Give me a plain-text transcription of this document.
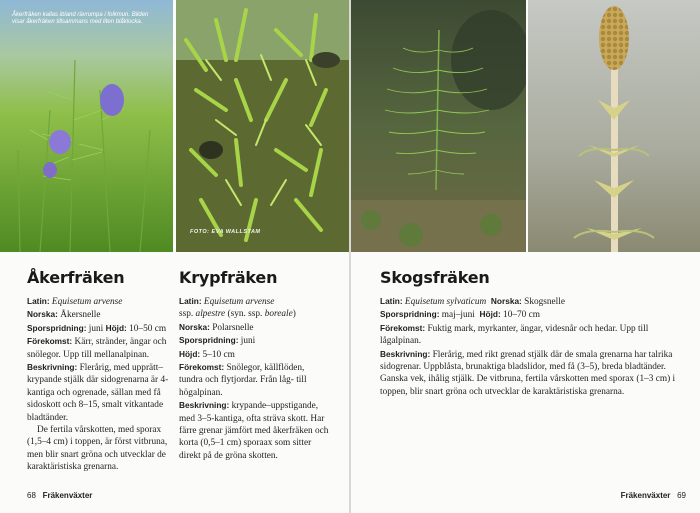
Åkerfräken kallas ibland rävrumpa i folkmun. Bilden visar åkerfräken tillsammans med liten blåklocka.
FOTO: EVA WALLSTAM
Åkerfräken

Latin: Equisetum arvense

Norska: Åkersnelle

Sporspridning: juni Höjd: 10–50 cm

Förekomst: Kärr, stränder, ängar och snölegor. Upp till mellanalpinan.

Beskrivning: Flerårig, med upprätt–krypande stjälk där sidogrenarna är 4-kantiga och ogrenade, sällan med få sidoskott och 8–15, smalt vitkantade bladtänder.

De fertila vårskotten, med sporax (1,5–4 cm) i toppen, är först vitbruna, men blir snart gröna och utvecklar de karaktäristiska grenarna.

Krypfräken

Latin: Equisetum arvense

ssp. alpestre (syn. ssp. boreale)

Norska: Polarsnelle

Sporspridning: juni

Höjd: 5–10 cm

Förekomst: Snölegor, källflöden, tundra och flytjordar. Från låg- till högalpinan.

Beskrivning: krypande–uppstigande, med 3–5-kantiga, ofta sträva skott. Har färre grenar jämfört med åkerfräken och korta (0,5–1 cm) sporaax som sitter direkt på de gröna skotten.

68 Fräkenväxter
Skogsfräken

Latin: Equisetum sylvaticum Norska: Skogsnelle

Sporspridning: maj–juni Höjd: 10–70 cm

Förekomst: Fuktig mark, myrkanter, ängar, videsnår och hedar. Upp till lågalpinan.

Beskrivning: Flerårig, med rikt grenad stjälk där de smala grenarna har talrika sidogrenar. Uppblåsta, brunaktiga bladslidor, med få (3–5), breda bladtänder. Ganska vek, ihålig stjälk. De vitbruna, fertila vårskotten med sporax (1–3 cm) i toppen, blir snart gröna och utvecklar de karaktäristiska grenarna.

Fräkenväxter 69
